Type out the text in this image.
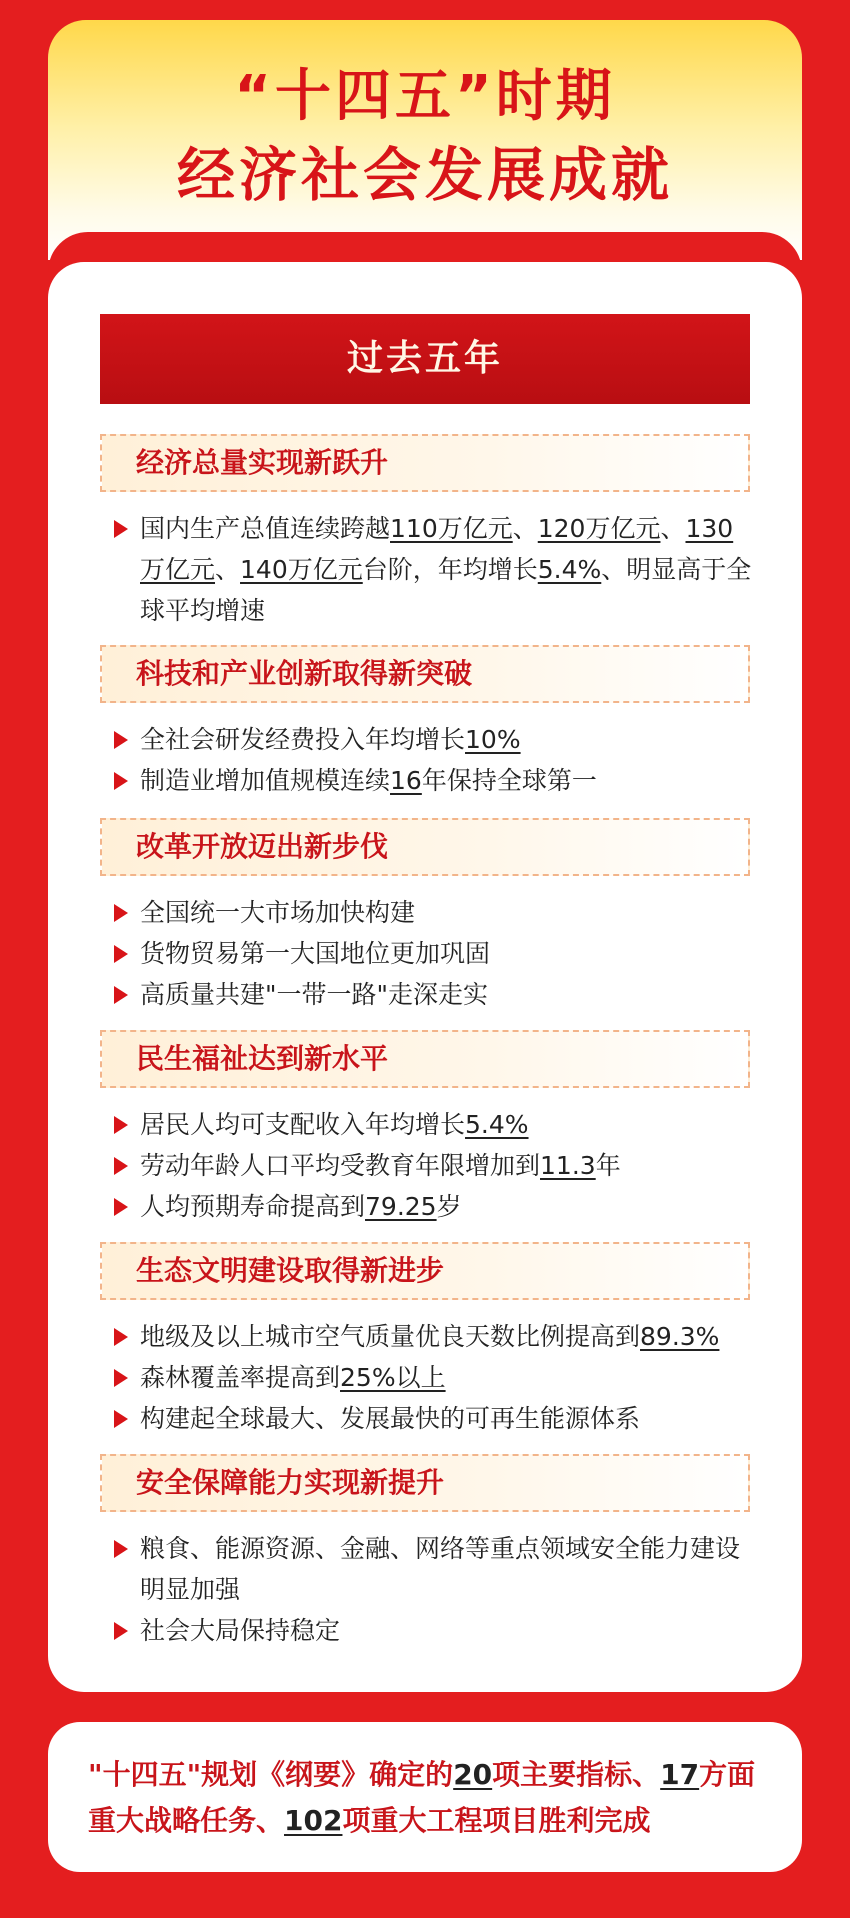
“十四五”时期
经济社会发展成就
过去五年
经济总量实现新跃升
国内生产总值连续跨越110万亿元、120万亿元、130万亿元、140万亿元台阶，年均增长5.4%、明显高于全球平均增速
科技和产业创新取得新突破
全社会研发经费投入年均增长10%
制造业增加值规模连续16年保持全球第一
改革开放迈出新步伐
全国统一大市场加快构建
货物贸易第一大国地位更加巩固
高质量共建"一带一路"走深走实
民生福祉达到新水平
居民人均可支配收入年均增长5.4%
劳动年龄人口平均受教育年限增加到11.3年
人均预期寿命提高到79.25岁
生态文明建设取得新进步
地级及以上城市空气质量优良天数比例提高到89.3%
森林覆盖率提高到25%以上
构建起全球最大、发展最快的可再生能源体系
安全保障能力实现新提升
粮食、能源资源、金融、网络等重点领域安全能力建设明显加强
社会大局保持稳定
"十四五"规划《纲要》确定的20项主要指标、17方面重大战略任务、102项重大工程项目胜利完成
